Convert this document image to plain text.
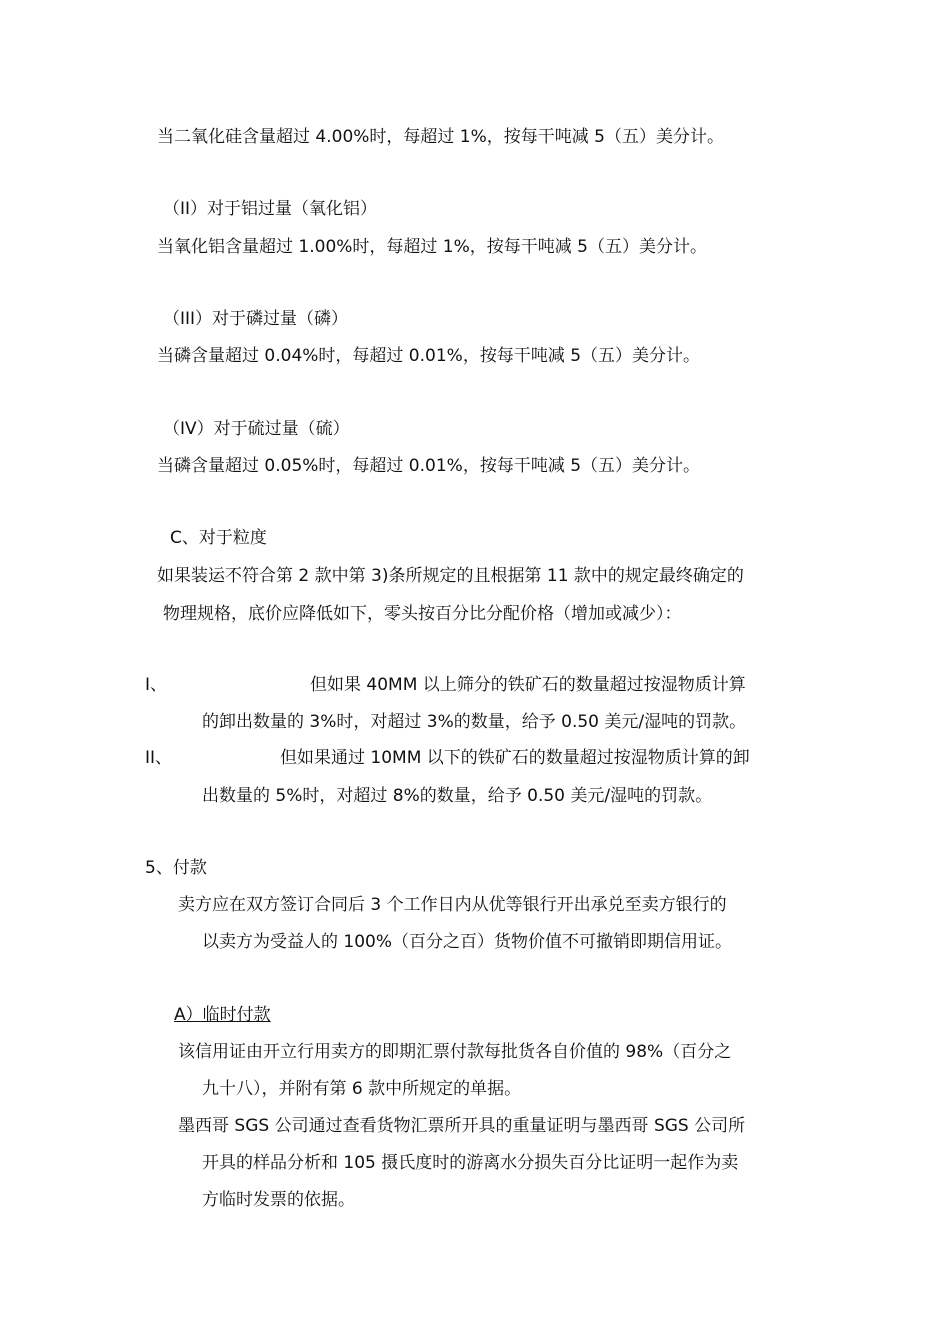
当二氧化硅含量超过 4.00%时，每超过 1%，按每干吨减 5（五）美分计。
（II）对于铝过量（氧化铝）
当氧化铝含量超过 1.00%时，每超过 1%，按每干吨减 5（五）美分计。
（III）对于磷过量（磷）
当磷含量超过 0.04%时，每超过 0.01%，按每干吨减 5（五）美分计。
（IV）对于硫过量（硫）
当磷含量超过 0.05%时，每超过 0.01%，按每干吨减 5（五）美分计。
C、对于粒度
如果装运不符合第 2 款中第 3)条所规定的且根据第 11 款中的规定最终确定的
物理规格，底价应降低如下，零头按百分比分配价格（增加或减少）：
I、	但如果 40MM 以上筛分的铁矿石的数量超过按湿物质计算
的卸出数量的 3%时，对超过 3%的数量，给予 0.50 美元/湿吨的罚款。
II、	但如果通过 10MM 以下的铁矿石的数量超过按湿物质计算的卸
出数量的 5%时，对超过 8%的数量，给予 0.50 美元/湿吨的罚款。
5、付款
卖方应在双方签订合同后 3 个工作日内从优等银行开出承兑至卖方银行的
以卖方为受益人的 100%（百分之百）货物价值不可撤销即期信用证。
A）临时付款
该信用证由开立行用卖方的即期汇票付款每批货各自价值的 98%（百分之
九十八），并附有第 6 款中所规定的单据。
墨西哥 SGS 公司通过查看货物汇票所开具的重量证明与墨西哥 SGS 公司所
开具的样品分析和 105 摄氏度时的游离水分损失百分比证明一起作为卖
方临时发票的依据。
